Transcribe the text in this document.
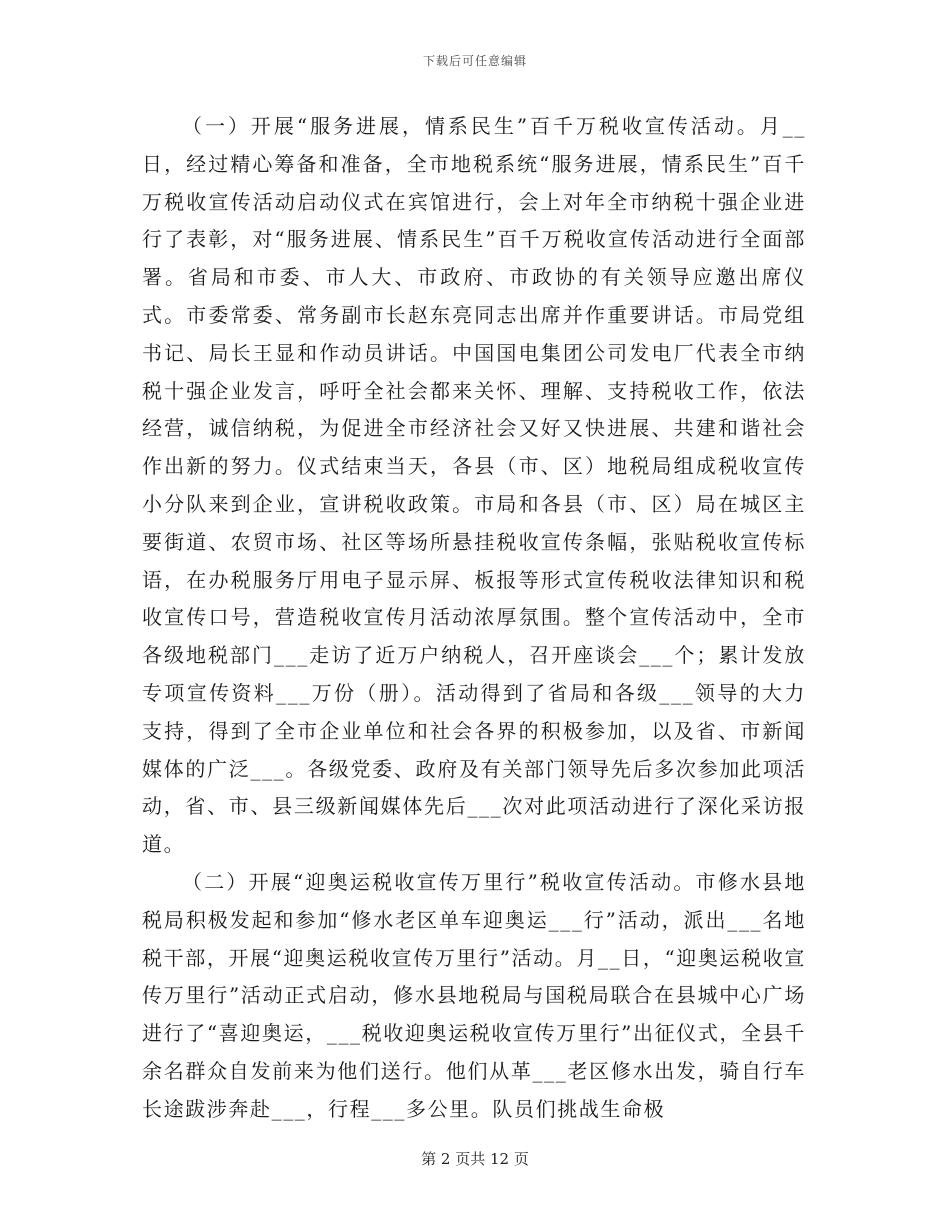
下载后可任意编辑

（一）开展“服务进展，情系民生”百千万税收宣传活动。月__日，经过精心筹备和准备，全市地税系统“服务进展，情系民生”百千万税收宣传活动启动仪式在宾馆进行，会上对年全市纳税十强企业进行了表彰，对“服务进展、情系民生”百千万税收宣传活动进行全面部署。省局和市委、市人大、市政府、市政协的有关领导应邀出席仪式。市委常委、常务副市长赵东亮同志出席并作重要讲话。市局党组书记、局长王显和作动员讲话。中国国电集团公司发电厂代表全市纳税十强企业发言，呼吁全社会都来关怀、理解、支持税收工作，依法经营，诚信纳税，为促进全市经济社会又好又快进展、共建和谐社会作出新的努力。仪式结束当天，各县（市、区）地税局组成税收宣传小分队来到企业，宣讲税收政策。市局和各县（市、区）局在城区主要街道、农贸市场、社区等场所悬挂税收宣传条幅，张贴税收宣传标语，在办税服务厅用电子显示屏、板报等形式宣传税收法律知识和税收宣传口号，营造税收宣传月活动浓厚氛围。整个宣传活动中，全市各级地税部门___走访了近万户纳税人，召开座谈会___个；累计发放专项宣传资料___万份（册）。活动得到了省局和各级___领导的大力支持，得到了全市企业单位和社会各界的积极参加，以及省、市新闻媒体的广泛___。各级党委、政府及有关部门领导先后多次参加此项活动，省、市、县三级新闻媒体先后___次对此项活动进行了深化采访报道。

（二）开展“迎奥运税收宣传万里行”税收宣传活动。市修水县地税局积极发起和参加“修水老区单车迎奥运___行”活动，派出___名地税干部，开展“迎奥运税收宣传万里行”活动。月__日，“迎奥运税收宣传万里行”活动正式启动，修水县地税局与国税局联合在县城中心广场进行了“喜迎奥运，___税收迎奥运税收宣传万里行”出征仪式，全县千余名群众自发前来为他们送行。他们从革___老区修水出发，骑自行车长途跋涉奔赴___，行程___多公里。队员们挑战生命极

第 2 页共 12 页
